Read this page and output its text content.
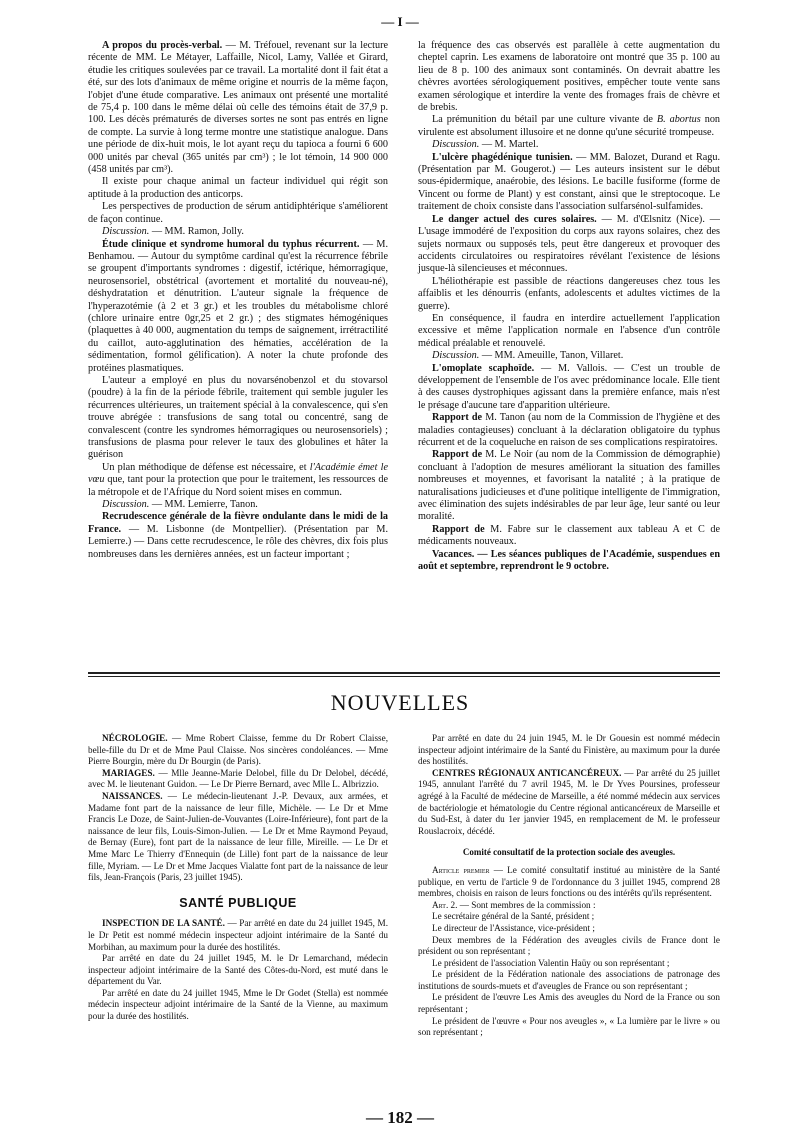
— I —

A propos du procès-verbal. — M. Tréfouel, revenant sur la lecture récente de MM. Le Métayer, Laffaille, Nicol, Lamy, Vallée et Girard, étudie les critiques soulevées par ce travail. La mortalité dont il fait état a été, sur des lots d'animaux de même origine et nourris de la même façon, l'objet d'une étude comparative. Les animaux ont présenté une mortalité de 75,4 p. 100 dans le même délai où celle des témoins était de 37,9 p. 100. Les décès prématurés de diverses sortes ne sont pas entrés en ligne de compte. La survie à long terme montre une statistique analogue. Dans une période de dix-huit mois, le lot ayant reçu du tapioca a fourni 6 600 000 unités par cheval (365 unités par cm³) ; le lot témoin, 14 900 000 (458 unités par cm³).

Il existe pour chaque animal un facteur individuel qui régit son aptitude à la production des anticorps.

Les perspectives de production de sérum antidiphtérique s'améliorent de façon continue.

Discussion. — MM. Ramon, Jolly.

Étude clinique et syndrome humoral du typhus récurrent. — M. Benhamou. — Autour du symptôme cardinal qu'est la récurrence fébrile se groupent d'importants syndromes : digestif, ictérique, hémorragique, neurosensoriel, obstétrical (avortement et mortalité du nouveau-né), déshydratation et dénutrition. L'auteur signale la fréquence de l'hyperazotémie (à 2 et 3 gr.) et les troubles du métabolisme chloré (chlore urinaire entre 0gr,25 et 2 gr.) ; des stigmates hémogéniques (plaquettes à 40 000, augmentation du temps de saignement, irrétractilité du caillot, auto-agglutination des hématies, accélération de la sédimentation, formol gélification). A noter la chute profonde des protéines plasmatiques.

L'auteur a employé en plus du novarsénobenzol et du stovarsol (poudre) à la fin de la période fébrile, traitement qui semble juguler les récurrences ultérieures, un traitement spécial à la convalescence, qui s'en trouve abrégée : transfusions de sang total ou concentré, sang de convalescent (contre les syndromes hémorragiques ou neurosensoriels) ; transfusions de plasma pour relever le taux des globulines et hâter la guérison

Un plan méthodique de défense est nécessaire, et l'Académie émet le vœu que, tant pour la protection que pour le traitement, les ressources de la métropole et de l'Afrique du Nord soient mises en commun.

Discussion. — MM. Lemierre, Tanon.

Recrudescence générale de la fièvre ondulante dans le midi de la France. — M. Lisbonne (de Montpellier). (Présentation par M. Lemierre.) — Dans cette recrudescence, le rôle des chèvres, dix fois plus nombreuses dans les dernières années, est un facteur important ;

la fréquence des cas observés est parallèle à cette augmentation du cheptel caprin. Les examens de laboratoire ont montré que 35 p. 100 au lieu de 8 p. 100 des animaux sont contaminés. On devrait abattre les chèvres avortées sérologiquement positives, empêcher toute vente sans examen sérologique et interdire la vente des fromages frais de chèvre et de brebis.

La prémunition du bétail par une culture vivante de B. abortus non virulente est absolument illusoire et ne donne qu'une sécurité trompeuse.

Discussion. — M. Martel.

L'ulcère phagédénique tunisien. — MM. Balozet, Durand et Ragu. (Présentation par M. Gougerot.) — Les auteurs insistent sur le début sous-épidermique, anaérobie, des lésions. Le bacille fusiforme (forme de Vincent ou forme de Plant) y est constant, ainsi que le streptocoque. Le traitement de choix consiste dans l'association sulfarsénol-sulfamides.

Le danger actuel des cures solaires. — M. d'Œlsnitz (Nice). — L'usage immodéré de l'exposition du corps aux rayons solaires, chez des sujets normaux ou supposés tels, peut être dangereux et provoquer des accidents circulatoires ou respiratoires révélant l'existence de lésions jusque-là silencieuses et méconnues.

L'héliothérapie est passible de réactions dangereuses chez tous les affaiblis et les dénourris (enfants, adolescents et adultes victimes de la guerre).

En conséquence, il faudra en interdire actuellement l'application excessive et même l'application normale en l'absence d'un contrôle médical préalable et renouvelé.

Discussion. — MM. Ameuille, Tanon, Villaret.

L'omoplate scaphoïde. — M. Vallois. — C'est un trouble de développement de l'ensemble de l'os avec prédominance locale. Elle tient à des causes dystrophiques agissant dans la première enfance, mais n'est le présage d'aucune tare d'apparition ultérieure.

Rapport de M. Tanon (au nom de la Commission de l'hygiène et des maladies contagieuses) concluant à la déclaration obligatoire du typhus récurrent et de la coqueluche en raison de ses complications respiratoires.

Rapport de M. Le Noir (au nom de la Commission de démographie) concluant à l'adoption de mesures améliorant la situation des familles nombreuses et moyennes, et favorisant la natalité ; à la pratique de naturalisations judicieuses et d'une politique intelligente de l'immigration, avec élimination des sujets indésirables de par leur âge, leur santé ou leur moralité.

Rapport de M. Fabre sur le classement aux tableau A et C de médicaments nouveaux.

Vacances. — Les séances publiques de l'Académie, suspendues en août et septembre, reprendront le 9 octobre.

NOUVELLES

NÉCROLOGIE. — Mme Robert Claisse, femme du Dr Robert Claisse, belle-fille du Dr et de Mme Paul Claisse. Nos sincères condoléances. — Mme Pierre Bourgin, mère du Dr Bourgin (de Paris).

MARIAGES. — Mlle Jeanne-Marie Delobel, fille du Dr Delobel, décédé, avec M. le lieutenant Guidon. — Le Dr Pierre Bernard, avec Mlle L. Albrizzio.

NAISSANCES. — Le médecin-lieutenant J.-P. Devaux, aux armées, et Madame font part de la naissance de leur fille, Michèle. — Le Dr et Mme Francis Le Doze, de Saint-Julien-de-Vouvantes (Loire-Inférieure), font part de la naissance de leur fils, Louis-Simon-Julien. — Le Dr et Mme Raymond Peyaud, de Bernay (Eure), font part de la naissance de leur fille, Mireille. — Le Dr et Mme Marc Le Thierry d'Ennequin (de Lille) font part de la naissance de leur fille, Myriam. — Le Dr et Mme Jacques Vialatte font part de la naissance de leur fils, Jean-François (Paris, 23 juillet 1945).

SANTÉ PUBLIQUE

INSPECTION DE LA SANTÉ. — Par arrêté en date du 24 juillet 1945, M. le Dr Petit est nommé médecin inspecteur adjoint intérimaire de la Santé du Morbihan, au maximum pour la durée des hostilités.

Par arrêté en date du 24 juillet 1945, M. le Dr Lemarchand, médecin inspecteur adjoint intérimaire de la Santé des Côtes-du-Nord, est muté dans le département du Var.

Par arrêté en date du 24 juillet 1945, Mme le Dr Godet (Stella) est nommée médecin inspecteur adjoint intérimaire de la Santé de la Vienne, au maximum pour la durée des hostilités.

Par arrêté en date du 24 juin 1945, M. le Dr Gouesin est nommé médecin inspecteur adjoint intérimaire de la Santé du Finistère, au maximum pour la durée des hostilités.

CENTRES RÉGIONAUX ANTICANCÉREUX. — Par arrêté du 25 juillet 1945, annulant l'arrêté du 7 avril 1945, M. le Dr Yves Poursines, professeur agrégé à la Faculté de médecine de Marseille, a été nommé médecin aux services de bactériologie et hématologie du Centre régional anticancéreux de Marseille et du Sud-Est, à dater du 1er janvier 1945, en remplacement de M. le professeur Rouslacroix, décédé.

Comité consultatif de la protection sociale des aveugles.

Article premier — Le comité consultatif institué au ministère de la Santé publique, en vertu de l'article 9 de l'ordonnance du 3 juillet 1945, comprend 28 membres, choisis en raison de leurs fonctions ou des intérêts qu'ils représentent.

Art. 2. — Sont membres de la commission :

Le secrétaire général de la Santé, président ;

Le directeur de l'Assistance, vice-président ;

Deux membres de la Fédération des aveugles civils de France dont le président ou son représentant ;

Le président de l'association Valentin Haüy ou son représentant ;

Le président de la Fédération nationale des associations de patronage des institutions de sourds-muets et d'aveugles de France ou son représentant ;

Le président de l'œuvre Les Amis des aveugles du Nord de la France ou son représentant ;

Le président de l'œuvre « Pour nos aveugles », « La lumière par le livre » ou son représentant ;

— 182 —
